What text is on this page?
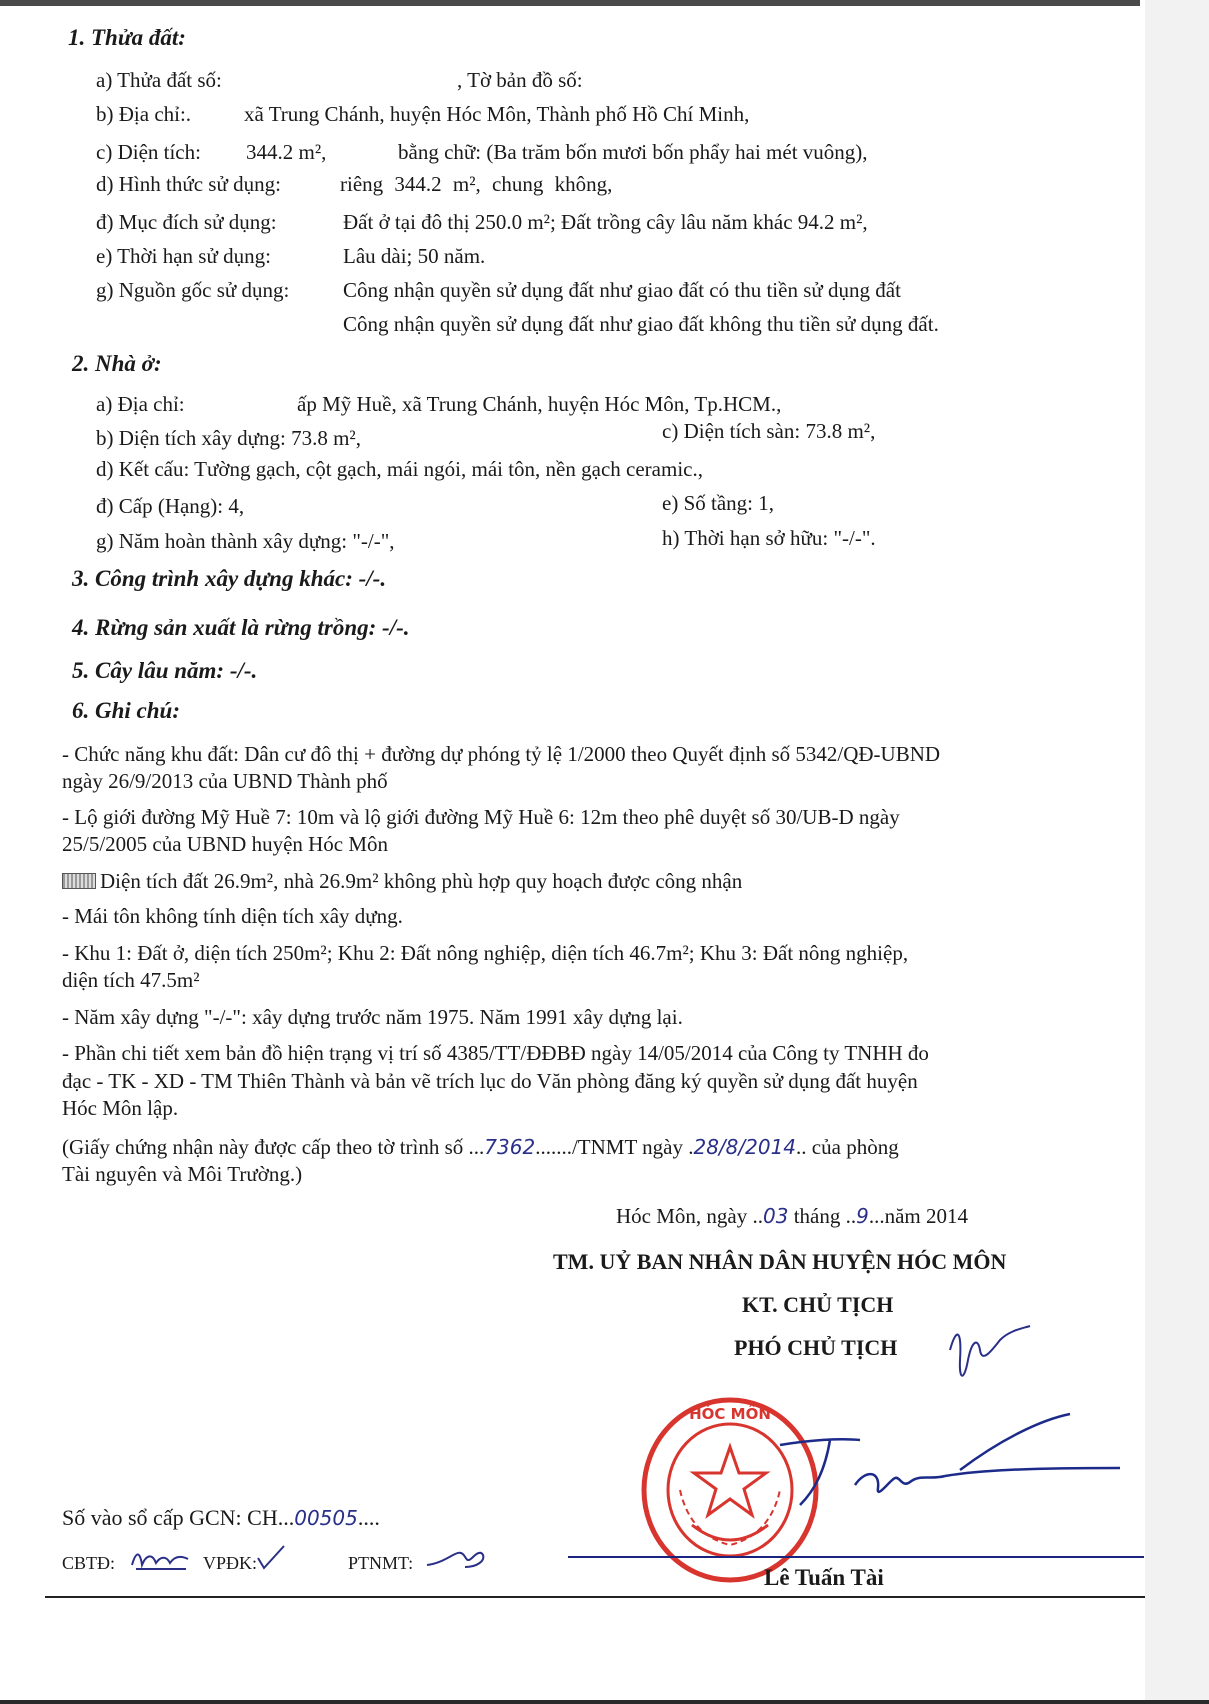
1. Thửa đất:
a) Thửa đất số:	, Tờ bản đồ số:
b) Địa chỉ:.	xã Trung Chánh, huyện Hóc Môn, Thành phố Hồ Chí Minh,
c) Diện tích: 344.2 m²,	bằng chữ: (Ba trăm bốn mươi bốn phẩy hai mét vuông),
d) Hình thức sử dụng:	riêng 344.2 m², chung không,
đ) Mục đích sử dụng:	Đất ở tại đô thị 250.0 m²; Đất trồng cây lâu năm khác 94.2 m²,
e) Thời hạn sử dụng:	Lâu dài; 50 năm.
g) Nguồn gốc sử dụng:	Công nhận quyền sử dụng đất như giao đất có thu tiền sử dụng đất
Công nhận quyền sử dụng đất như giao đất không thu tiền sử dụng đất.
2. Nhà ở:
a) Địa chỉ:	ấp Mỹ Huề, xã Trung Chánh, huyện Hóc Môn, Tp.HCM.,
b) Diện tích xây dựng: 73.8 m²,	c) Diện tích sàn: 73.8 m²,
d) Kết cấu: Tường gạch, cột gạch, mái ngói, mái tôn, nền gạch ceramic.,
đ) Cấp (Hạng): 4,	e) Số tầng: 1,
g) Năm hoàn thành xây dựng: "-/-",	h) Thời hạn sở hữu: "-/-".
3. Công trình xây dựng khác: -/-.
4. Rừng sản xuất là rừng trồng: -/-.
5. Cây lâu năm: -/-.
6. Ghi chú:
- Chức năng khu đất: Dân cư đô thị + đường dự phóng tỷ lệ 1/2000 theo Quyết định số 5342/QĐ-UBND
ngày 26/9/2013 của UBND Thành phố
- Lộ giới đường Mỹ Huề 7: 10m và lộ giới đường Mỹ Huề 6: 12m theo phê duyệt số 30/UB-D ngày
25/5/2005 của UBND huyện Hóc Môn
Diện tích đất 26.9m², nhà 26.9m² không phù hợp quy hoạch được công nhận
- Mái tôn không tính diện tích xây dựng.
- Khu 1: Đất ở, diện tích 250m²; Khu 2: Đất nông nghiệp, diện tích 46.7m²; Khu 3: Đất nông nghiệp,
diện tích 47.5m²
- Năm xây dựng "-/-": xây dựng trước năm 1975. Năm 1991 xây dựng lại.
- Phần chi tiết xem bản đồ hiện trạng vị trí số 4385/TT/ĐĐBĐ ngày 14/05/2014 của Công ty TNHH đo
đạc - TK - XD - TM Thiên Thành và bản vẽ trích lục do Văn phòng đăng ký quyền sử dụng đất huyện
Hóc Môn lập.
(Giấy chứng nhận này được cấp theo tờ trình số ...7362......./TNMT ngày .28/8/2014.. của phòng
Tài nguyên và Môi Trường.)
Hóc Môn, ngày ..03 tháng ..9...năm 2014
TM. UỶ BAN NHÂN DÂN HUYỆN HÓC MÔN
KT. CHỦ TỊCH
PHÓ CHỦ TỊCH
HÓC MÔN
Lê Tuấn Tài
Số vào sổ cấp GCN: CH...00505....
CBTĐ:	VPĐK:	PTNMT:
